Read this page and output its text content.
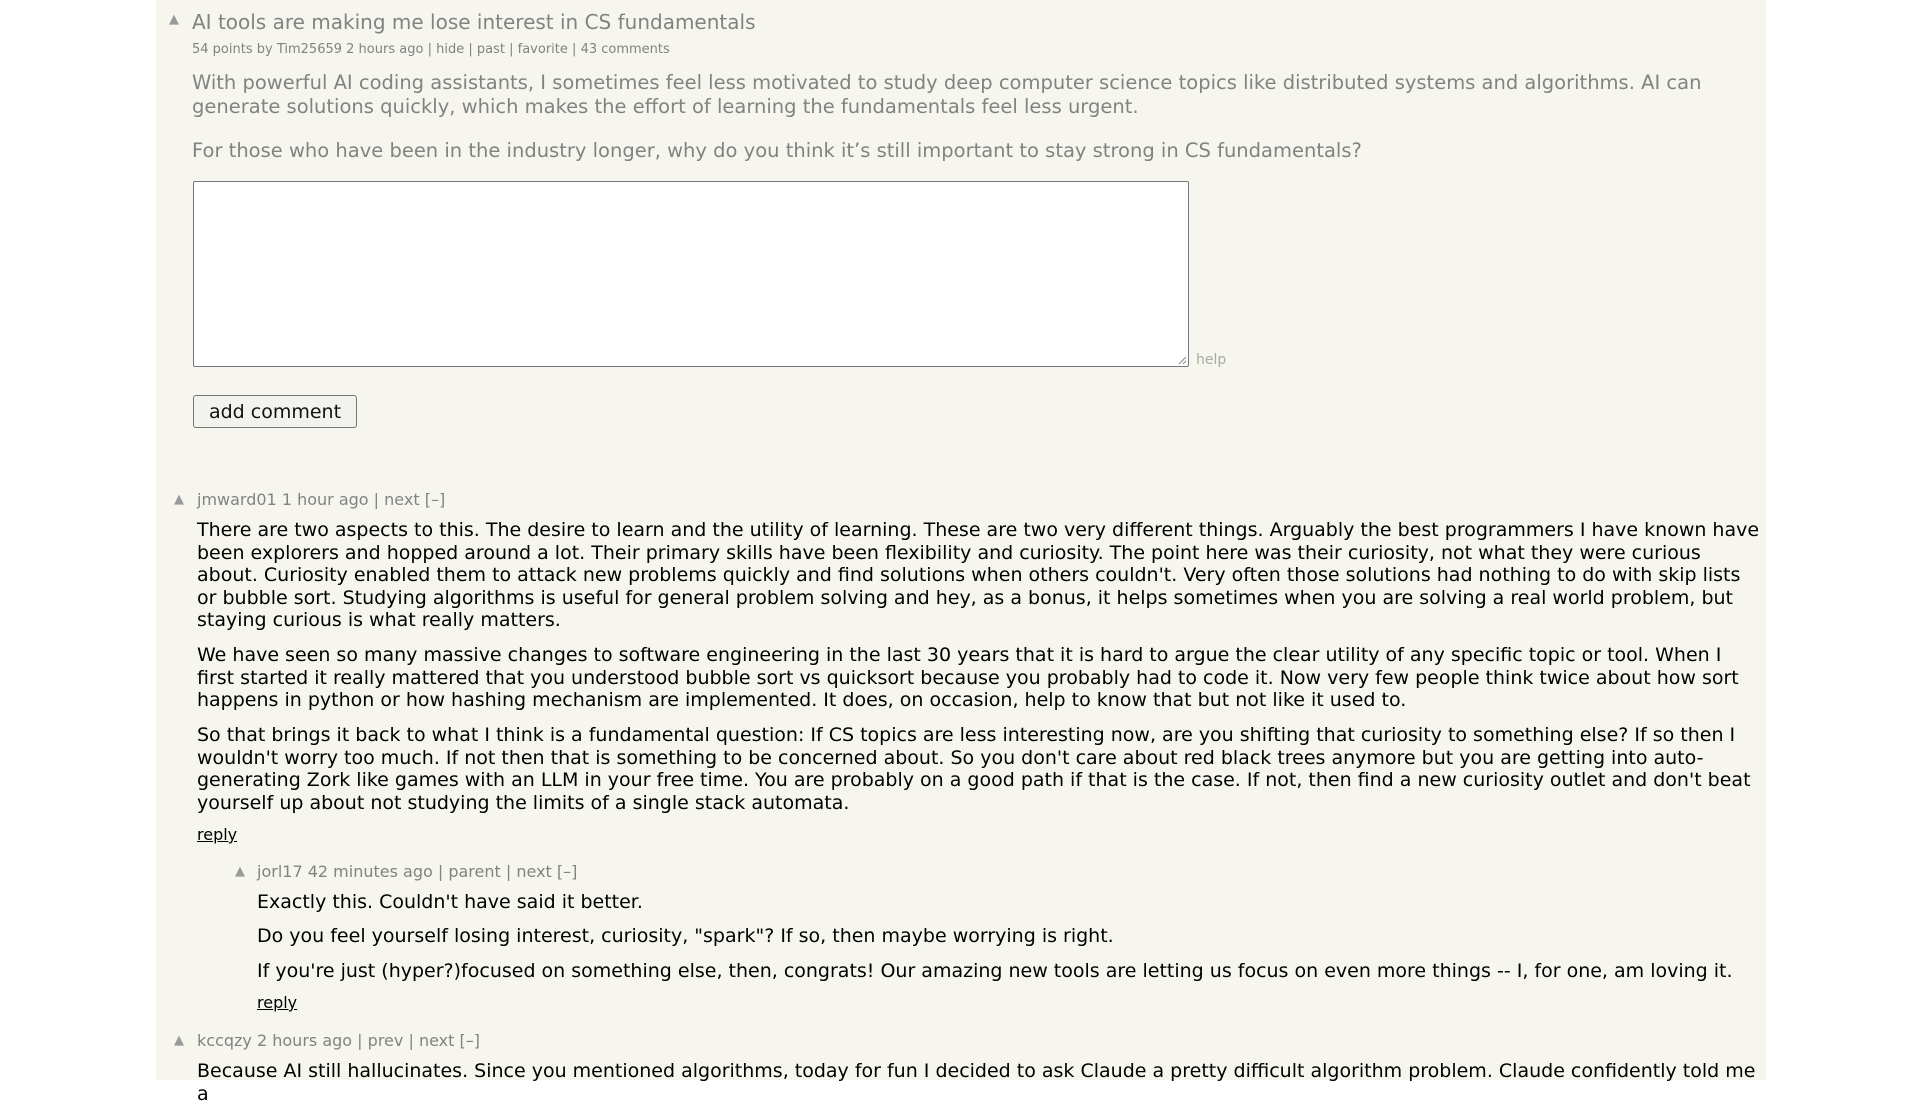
▲ AI tools are making me lose interest in CS fundamentals
54 points by Tim25659 2 hours ago | hide | past | favorite | 43 comments
With powerful AI coding assistants, I sometimes feel less motivated to study deep computer science topics like distributed systems and algorithms. AI can generate solutions quickly, which makes the effort of learning the fundamentals feel less urgent.
For those who have been in the industry longer, why do you think it’s still important to stay strong in CS fundamentals?
help
add comment
▲ jmward01 1 hour ago | next [–]

There are two aspects to this. The desire to learn and the utility of learning. These are two very different things. Arguably the best programmers I have known have been explorers and hopped around a lot. Their primary skills have been flexibility and curiosity. The point here was their curiosity, not what they were curious about. Curiosity enabled them to attack new problems quickly and find solutions when others couldn't. Very often those solutions had nothing to do with skip lists or bubble sort. Studying algorithms is useful for general problem solving and hey, as a bonus, it helps sometimes when you are solving a real world problem, but staying curious is what really matters.

We have seen so many massive changes to software engineering in the last 30 years that it is hard to argue the clear utility of any specific topic or tool. When I first started it really mattered that you understood bubble sort vs quicksort because you probably had to code it. Now very few people think twice about how sort happens in python or how hashing mechanism are implemented. It does, on occasion, help to know that but not like it used to.

So that brings it back to what I think is a fundamental question: If CS topics are less interesting now, are you shifting that curiosity to something else? If so then I wouldn't worry too much. If not then that is something to be concerned about. So you don't care about red black trees anymore but you are getting into auto-generating Zork like games with an LLM in your free time. You are probably on a good path if that is the case. If not, then find a new curiosity outlet and don't beat yourself up about not studying the limits of a single stack automata.

reply
▲ jorl17 42 minutes ago | parent | next [–]

Exactly this. Couldn't have said it better.

Do you feel yourself losing interest, curiosity, "spark"? If so, then maybe worrying is right.

If you're just (hyper?)focused on something else, then, congrats! Our amazing new tools are letting us focus on even more things -- I, for one, am loving it.

reply
▲ kccqzy 2 hours ago | prev | next [–]

Because AI still hallucinates. Since you mentioned algorithms, today for fun I decided to ask Claude a pretty difficult algorithm problem. Claude confidently told me a
